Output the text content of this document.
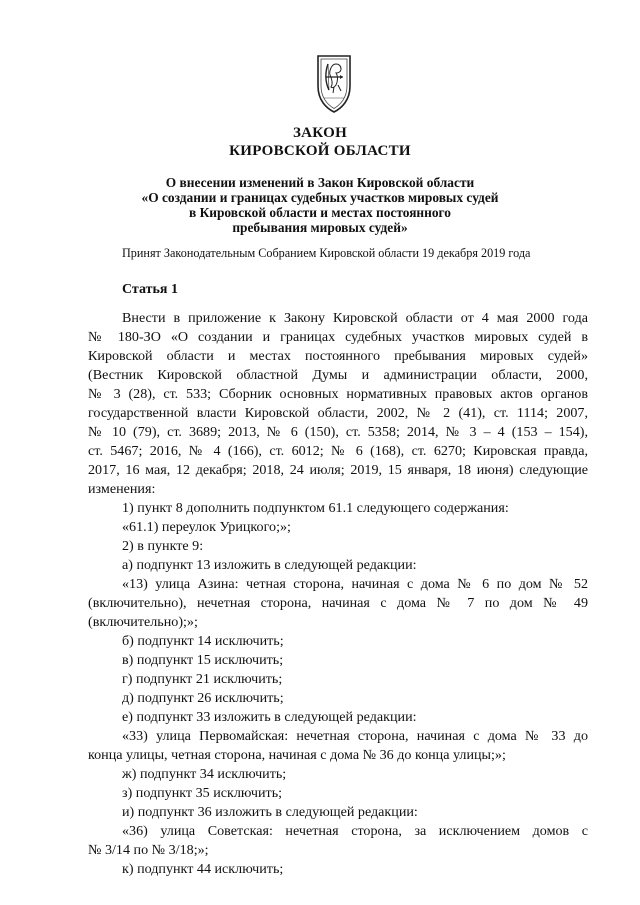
ЗАКОН
КИРОВСКОЙ ОБЛАСТИ
О внесении изменений в Закон Кировской области
«О создании и границах судебных участков мировых судей
в Кировской области и местах постоянного
пребывания мировых судей»
Принят Законодательным Собранием Кировской области 19 декабря 2019 года
Статья 1
Внести в приложение к Закону Кировской области от 4 мая 2000 года
№ 180-ЗО «О создании и границах судебных участков мировых судей в
Кировской области и местах постоянного пребывания мировых судей»
(Вестник Кировской областной Думы и администрации области, 2000,
№ 3 (28), ст. 533; Сборник основных нормативных правовых актов органов
государственной власти Кировской области, 2002, № 2 (41), ст. 1114; 2007,
№ 10 (79), ст. 3689; 2013, № 6 (150), ст. 5358; 2014, № 3 – 4 (153 – 154),
ст. 5467; 2016, № 4 (166), ст. 6012; № 6 (168), ст. 6270; Кировская правда,
2017, 16 мая, 12 декабря; 2018, 24 июля; 2019, 15 января, 18 июня) следующие
изменения:
1) пункт 8 дополнить подпунктом 61.1 следующего содержания:
«61.1) переулок Урицкого;»;
2) в пункте 9:
а) подпункт 13 изложить в следующей редакции:
«13) улица Азина: четная сторона, начиная с дома № 6 по дом № 52
(включительно), нечетная сторона, начиная с дома № 7 по дом № 49
(включительно);»;
б) подпункт 14 исключить;
в) подпункт 15 исключить;
г) подпункт 21 исключить;
д) подпункт 26 исключить;
е) подпункт 33 изложить в следующей редакции:
«33) улица Первомайская: нечетная сторона, начиная с дома № 33 до
конца улицы, четная сторона, начиная с дома № 36 до конца улицы;»;
ж) подпункт 34 исключить;
з) подпункт 35 исключить;
и) подпункт 36 изложить в следующей редакции:
«36) улица Советская: нечетная сторона, за исключением домов с
№ 3/14 по № 3/18;»;
к) подпункт 44 исключить;
